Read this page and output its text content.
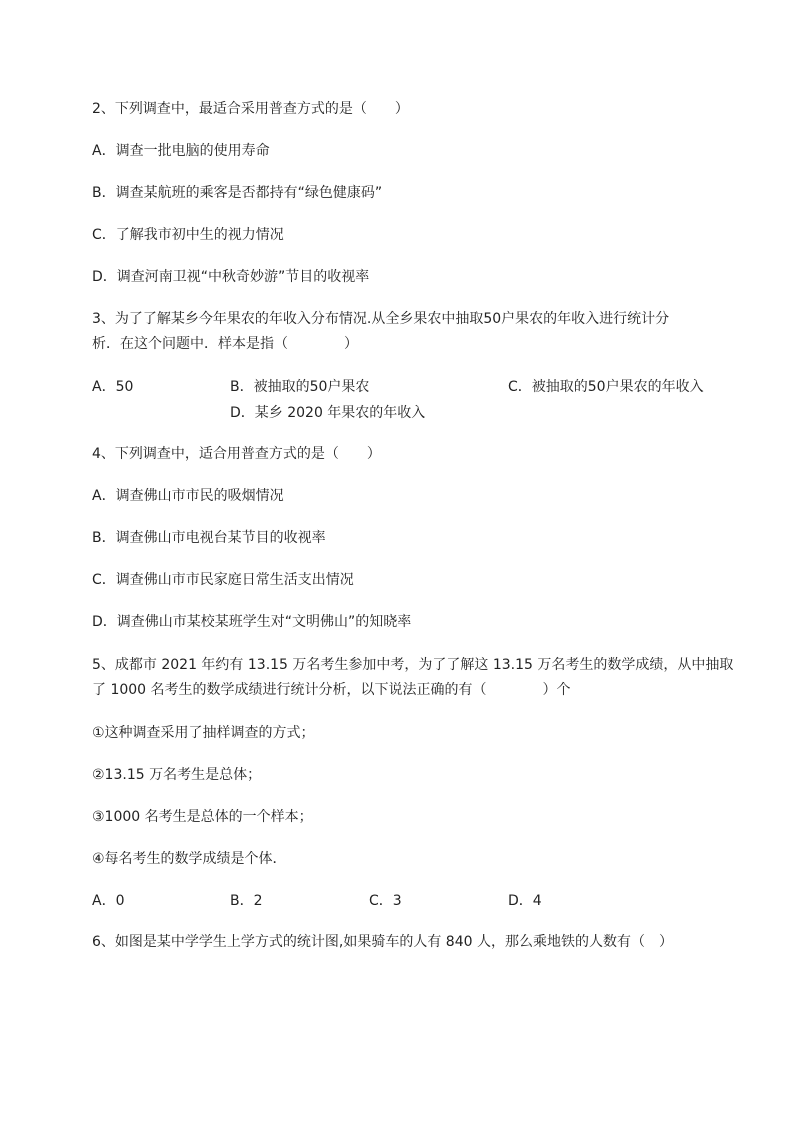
2、下列调查中，最适合采用普查方式的是（　　）
A．调查一批电脑的使用寿命
B．调查某航班的乘客是否都持有“绿色健康码”
C．了解我市初中生的视力情况
D．调查河南卫视“中秋奇妙游”节目的收视率
3、为了了解某乡今年果农的年收入分布情况.从全乡果农中抽取50户果农的年收入进行统计分
析．在这个问题中．样本是指（　　　　）
A．50	B．被抽取的50户果农	C．被抽取的50户果农的年收入
D．某乡 2020 年果农的年收入
4、下列调查中，适合用普查方式的是（　　）
A．调查佛山市市民的吸烟情况
B．调查佛山市电视台某节目的收视率
C．调查佛山市市民家庭日常生活支出情况
D．调查佛山市某校某班学生对“文明佛山”的知晓率
5、成都市 2021 年约有 13.15 万名考生参加中考，为了了解这 13.15 万名考生的数学成绩，从中抽取
了 1000 名考生的数学成绩进行统计分析，以下说法正确的有（　　　　）个
①这种调查采用了抽样调查的方式；
②13.15 万名考生是总体；
③1000 名考生是总体的一个样本；
④每名考生的数学成绩是个体．
A．0	B．2	C．3	D．4
6、如图是某中学学生上学方式的统计图,如果骑车的人有 840 人，那么乘地铁的人数有（　）
